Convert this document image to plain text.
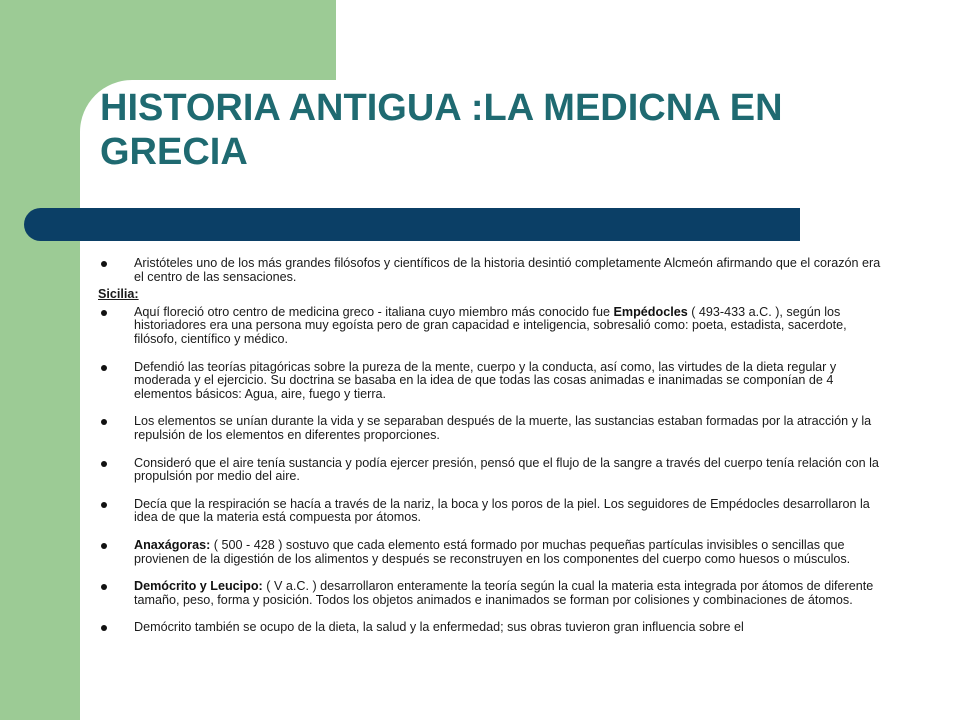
HISTORIA ANTIGUA :LA MEDICNA EN GRECIA
Aristóteles uno de los más grandes filósofos y científicos de la historia desintió completamente Alcmeón afirmando que el corazón era el centro de las sensaciones.
Sicilia:
Aquí floreció otro centro de medicina greco - italiana cuyo miembro más conocido fue Empédocles ( 493-433 a.C. ), según los historiadores era una persona muy egoísta pero de gran capacidad e inteligencia, sobresalió como: poeta, estadista, sacerdote, filósofo, científico y médico.
Defendió las teorías pitagóricas sobre la pureza de la mente, cuerpo y la conducta, así como, las virtudes de la dieta regular y moderada y el ejercicio. Su doctrina se basaba en la idea de que todas las cosas animadas e inanimadas se componían de 4 elementos básicos: Agua, aire, fuego y tierra.
Los elementos se unían durante la vida y se separaban después de la muerte, las sustancias estaban formadas por la atracción y la repulsión de los elementos en diferentes proporciones.
Consideró que el aire tenía sustancia y podía ejercer presión, pensó que el flujo de la sangre a través del cuerpo tenía relación con la propulsión por medio del aire.
Decía que la respiración se hacía a través de la nariz, la boca y los poros de la piel. Los seguidores de Empédocles desarrollaron la idea de que la materia está compuesta por átomos.
Anaxágoras: ( 500 - 428 ) sostuvo que cada elemento está formado por muchas pequeñas partículas invisibles o sencillas que provienen de la digestión de los alimentos y después se reconstruyen en los componentes del cuerpo como huesos o músculos.
Demócrito y Leucipo: ( V a.C. ) desarrollaron enteramente la teoría según la cual la materia esta integrada por átomos de diferente tamaño, peso, forma y posición. Todos los objetos animados e inanimados se forman por colisiones y combinaciones de átomos.
Demócrito también se ocupo de la dieta, la salud y la enfermedad; sus obras tuvieron gran influencia sobre el
